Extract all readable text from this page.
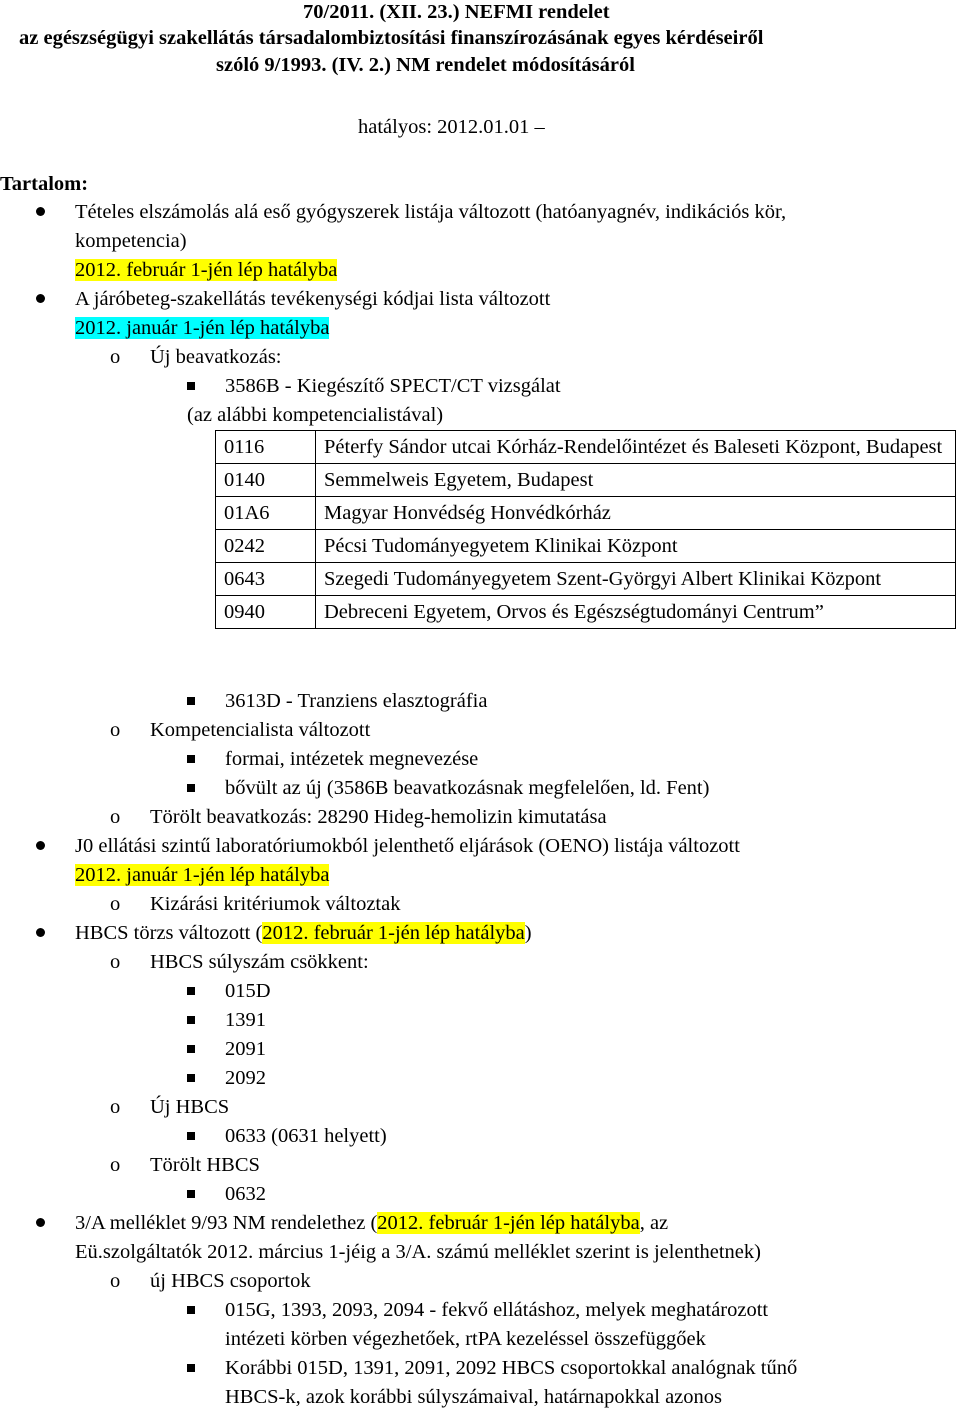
70/2011. (XII. 23.) NEFMI rendelet
az egészségügyi szakellátás társadalombiztosítási finanszírozásának egyes kérdéseiről
szóló 9/1993. (IV. 2.) NM rendelet módosításáról
hatályos: 2012.01.01 –
Tartalom:
Tételes elszámolás alá eső gyógyszerek listája változott (hatóanyagnév, indikációs kör,
kompetencia)
2012. február 1-jén lép hatályba
A járóbeteg-szakellátás tevékenységi kódjai lista változott
2012. január 1-jén lép hatályba
o Új beavatkozás:
3586B - Kiegészítő SPECT/CT vizsgálat
(az alábbi kompetencialistával)
0116	Péterfy Sándor utcai Kórház-Rendelőintézet és Baleseti Központ, Budapest
0140	Semmelweis Egyetem, Budapest
01A6	Magyar Honvédség Honvédkórház
0242	Pécsi Tudományegyetem Klinikai Központ
0643	Szegedi Tudományegyetem Szent-Györgyi Albert Klinikai Központ
0940	Debreceni Egyetem, Orvos és Egészségtudományi Centrum”
3613D - Tranziens elasztográfia
o Kompetencialista változott
formai, intézetek megnevezése
bővült az új (3586B beavatkozásnak megfelelően, ld. Fent)
o Törölt beavatkozás: 28290 Hideg-hemolizin kimutatása
J0 ellátási szintű laboratóriumokból jelenthető eljárások (OENO) listája változott
2012. január 1-jén lép hatályba
o Kizárási kritériumok változtak
HBCS törzs változott (2012. február 1-jén lép hatályba)
o HBCS súlyszám csökkent:
015D
1391
2091
2092
o Új HBCS
0633 (0631 helyett)
o Törölt HBCS
0632
3/A melléklet 9/93 NM rendelethez (2012. február 1-jén lép hatályba, az
Eü.szolgáltatók 2012. március 1-jéig a 3/A. számú melléklet szerint is jelenthetnek)
o új HBCS csoportok
015G, 1393, 2093, 2094 - fekvő ellátáshoz, melyek meghatározott
intézeti körben végezhetőek, rtPA kezeléssel összefüggőek
Korábbi 015D, 1391, 2091, 2092 HBCS csoportokkal analógnak tűnő
HBCS-k, azok korábbi súlyszámaival, határnapokkal azonos
